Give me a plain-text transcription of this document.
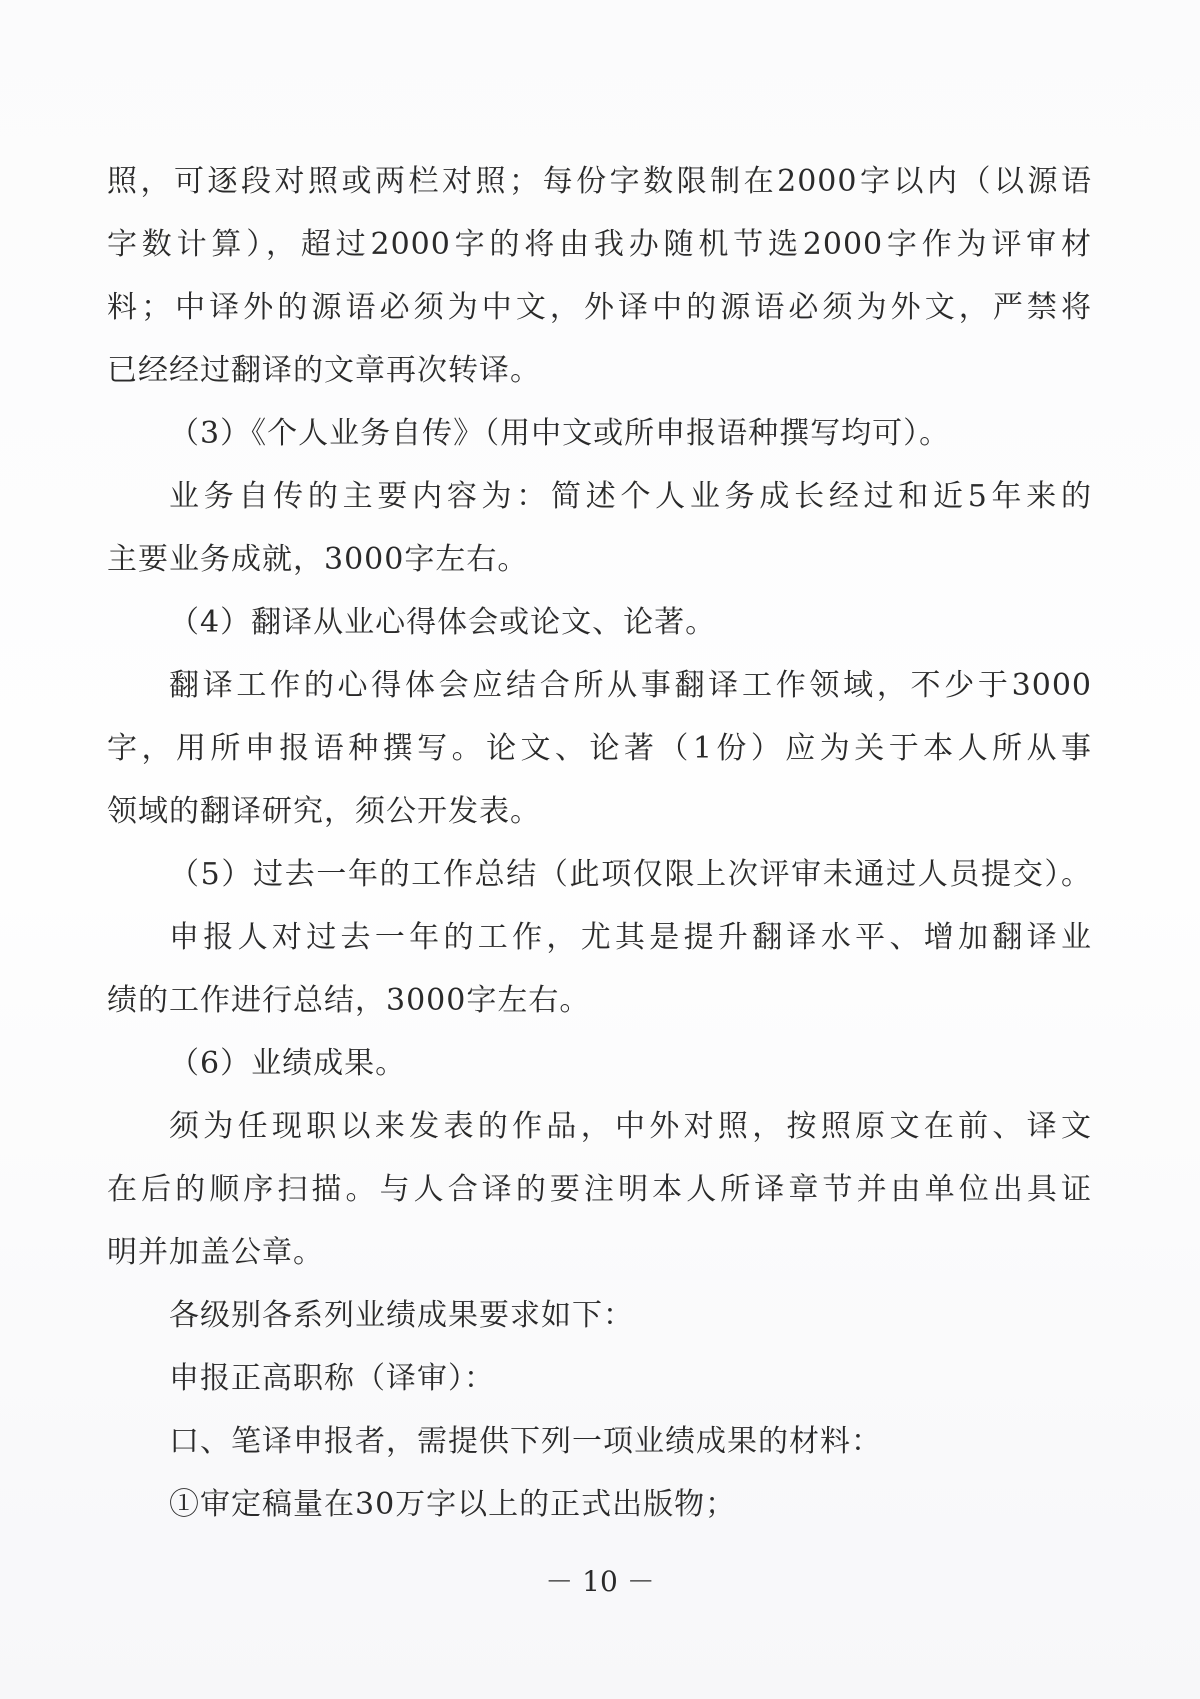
照，可逐段对照或两栏对照；每份字数限制在2000字以内（以源语
字数计算），超过2000字的将由我办随机节选2000字作为评审材
料；中译外的源语必须为中文，外译中的源语必须为外文，严禁将
已经经过翻译的文章再次转译。
（3）《个人业务自传》（用中文或所申报语种撰写均可）。
业务自传的主要内容为：简述个人业务成长经过和近5年来的
主要业务成就，3000字左右。
（4）翻译从业心得体会或论文、论著。
翻译工作的心得体会应结合所从事翻译工作领域，不少于3000
字，用所申报语种撰写。论文、论著（1份）应为关于本人所从事
领域的翻译研究，须公开发表。
（5）过去一年的工作总结（此项仅限上次评审未通过人员提交）。
申报人对过去一年的工作，尤其是提升翻译水平、增加翻译业
绩的工作进行总结，3000字左右。
（6）业绩成果。
须为任现职以来发表的作品，中外对照，按照原文在前、译文
在后的顺序扫描。与人合译的要注明本人所译章节并由单位出具证
明并加盖公章。
各级别各系列业绩成果要求如下：
申报正高职称（译审）：
口、笔译申报者，需提供下列一项业绩成果的材料：
①审定稿量在30万字以上的正式出版物；
－ 10 －
